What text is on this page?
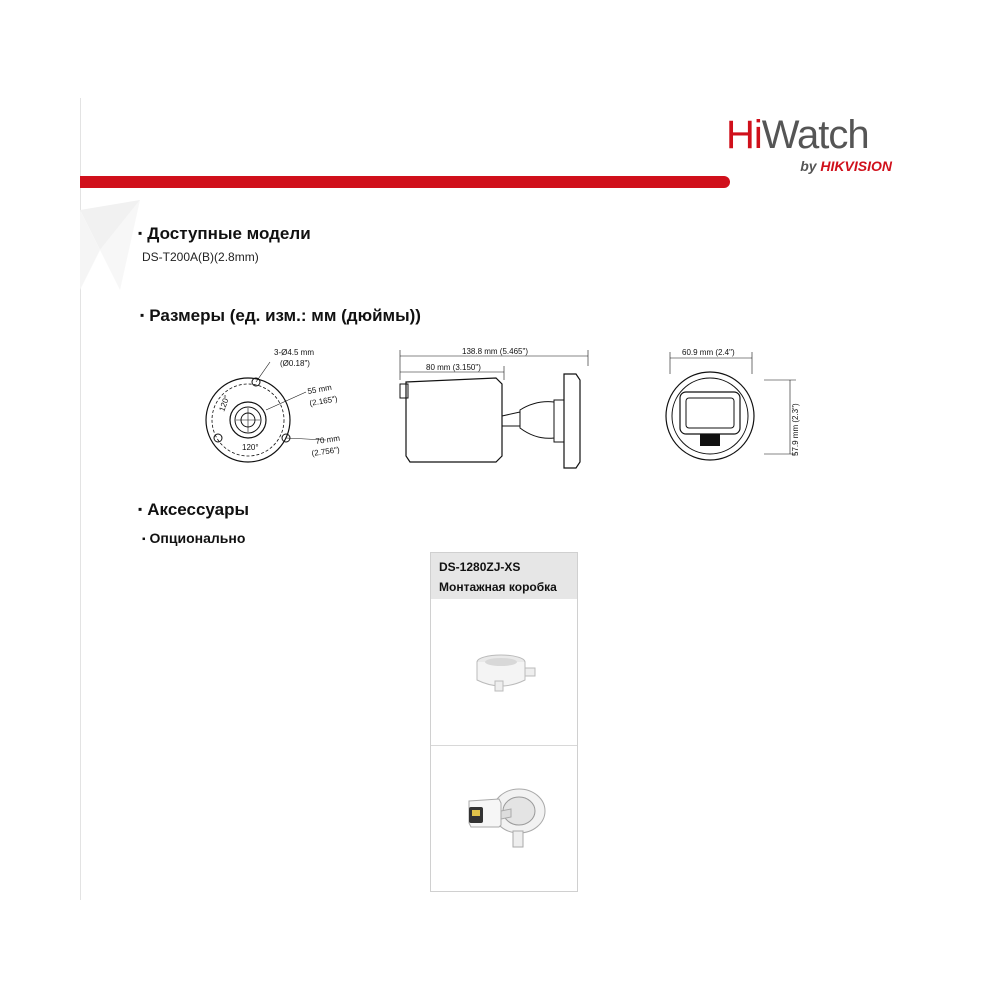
HiWatch
by HIKVISION
▪ Доступные модели
DS-T200A(B)(2.8mm)
▪ Размеры (ед. изм.: мм (дюймы))
3-Ø4.5 mm
(Ø0.18")
55 mm
(2.165")
70 mm
(2.756")
120°
120°
138.8 mm (5.465")
80 mm (3.150")
60.9 mm (2.4")
57.9 mm (2.3")
▪ Аксессуары
▪ Опционально
DS-1280ZJ-XS
Монтажная коробка
